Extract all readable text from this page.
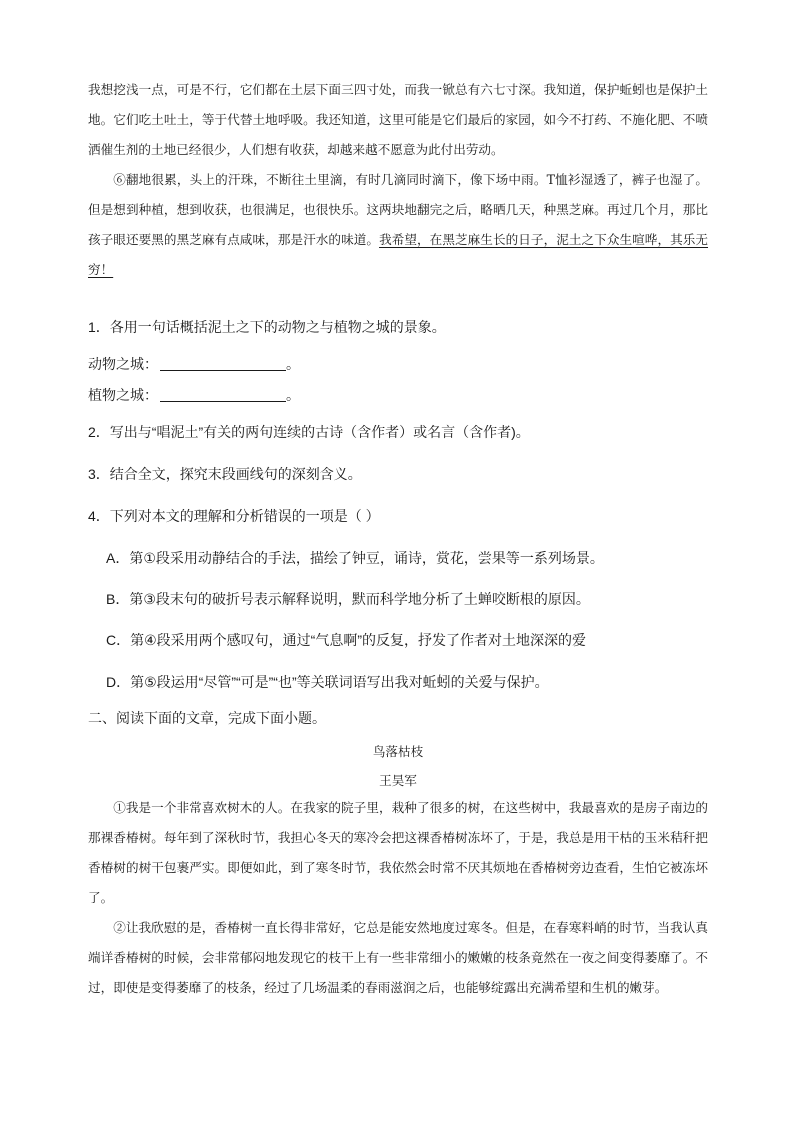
我想挖浅一点，可是不行，它们都在土层下面三四寸处，而我一锨总有六七寸深。我知道，保护蚯蚓也是保护土地。它们吃土吐土，等于代替土地呼吸。我还知道，这里可能是它们最后的家园，如今不打药、不施化肥、不喷洒催生剂的土地已经很少，人们想有收获，却越来越不愿意为此付出劳动。

⑥翻地很累，头上的汗珠，不断往土里滴，有时几滴同时滴下，像下场中雨。T恤衫湿透了，裤子也湿了。但是想到种植，想到收获，也很满足，也很快乐。这两块地翻完之后，略晒几天，种黑芝麻。再过几个月，那比孩子眼还要黑的黑芝麻有点咸味，那是汗水的味道。我希望，在黑芝麻生长的日子，泥土之下众生喧哗，其乐无穷！

1．各用一句话概括泥土之下的动物之与植物之城的景象。
动物之城：	。
植物之城：	。
2．写出与“唱泥土”有关的两句连续的古诗（含作者）或名言（含作者)。
3．结合全文，探究末段画线句的深刻含义。
4．下列对本文的理解和分析错误的一项是（ ）
A．第①段采用动静结合的手法，描绘了钟豆，诵诗，赏花，尝果等一系列场景。
B．第③段末句的破折号表示解释说明，默而科学地分析了土蝉咬断根的原因。
C．第④段采用两个感叹句，通过“气息啊”的反复，抒发了作者对土地深深的爱
D．第⑤段运用“尽管”“可是”“也”等关联词语写出我对蚯蚓的关爱与保护。
二、阅读下面的文章，完成下面小题。
鸟落枯枝
王昊军

①我是一个非常喜欢树木的人。在我家的院子里，栽种了很多的树，在这些树中，我最喜欢的是房子南边的那裸香椿树。每年到了深秋时节，我担心冬天的寒冷会把这裸香椿树冻坏了，于是，我总是用干枯的玉米秸秆把香椿树的树干包裹严实。即便如此，到了寒冬时节，我依然会时常不厌其烦地在香椿树旁边查看，生怕它被冻坏了。

②让我欣慰的是，香椿树一直长得非常好，它总是能安然地度过寒冬。但是，在春寒料峭的时节，当我认真端详香椿树的时候，会非常郁闷地发现它的枝干上有一些非常细小的嫩嫩的枝条竟然在一夜之间变得萎靡了。不过，即使是变得萎靡了的枝条，经过了几场温柔的春雨滋润之后，也能够绽露出充满希望和生机的嫩芽。
